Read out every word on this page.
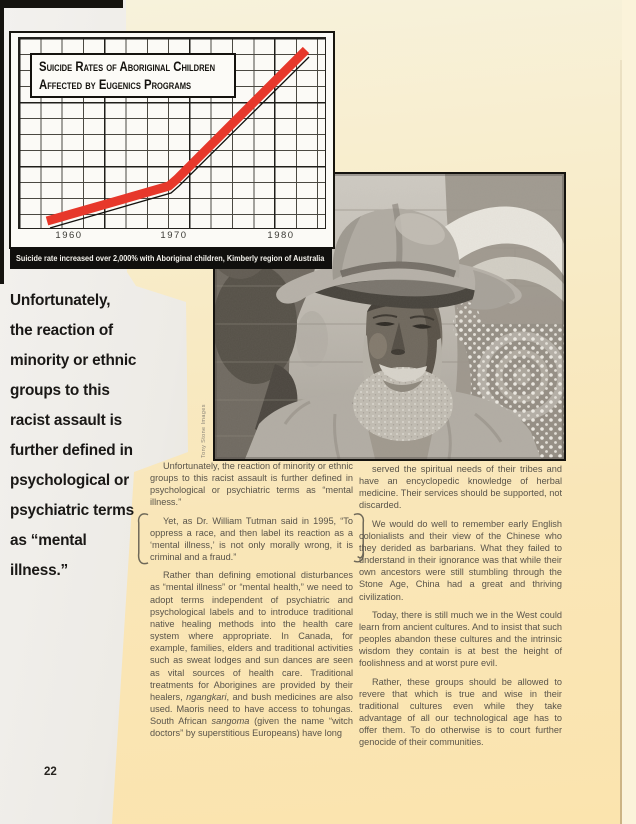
Tony Stone Images
1960	1970	1980
Suicide Rates of Aboriginal Children
Affected by Eugenics Programs
Suicide rate increased over 2,000% with Aboriginal children, Kimberly region of Australia
Unfortunately,
the reaction of
minority or ethnic
groups to this
racist assault is
further defined in
psychological or
psychiatric terms
as “mental
illness.”

Unfortunately, the reaction of minority or ethnic groups to this racist assault is further defined in psychological or psychiatric terms as “mental illness.”

Yet, as Dr. William Tutman said in 1995, “To oppress a race, and then label its reaction as a ‘mental illness,’ is not only morally wrong, it is criminal and a fraud.”

Rather than defining emotional disturbances as “mental illness” or “mental health,” we need to adopt terms independent of psychiatric and psychological labels and to introduce traditional native healing methods into the health care system where appropriate. In Canada, for example, families, elders and traditional activities such as sweat lodges and sun dances are seen as vital sources of health care. Traditional treatments for Aborigines are provided by their healers, ngangkari, and bush medicines are also used. Maoris need to have access to tohungas. South African sangoma (given the name “witch doctors” by superstitious Europeans) have long

served the spiritual needs of their tribes and have an encyclopedic knowledge of herbal medicine. Their services should be supported, not discarded.

We would do well to remember early English colonialists and their view of the Chinese who they derided as barbarians. What they failed to understand in their ignorance was that while their own ancestors were still stumbling through the Stone Age, China had a great and thriving civilization.

Today, there is still much we in the West could learn from ancient cultures. And to insist that such peoples abandon these cultures and the intrinsic wisdom they contain is at best the height of foolishness and at worst pure evil.

Rather, these groups should be allowed to revere that which is true and wise in their traditional cultures even while they take advantage of all our technological age has to offer them. To do otherwise is to court further genocide of their communities.

22
